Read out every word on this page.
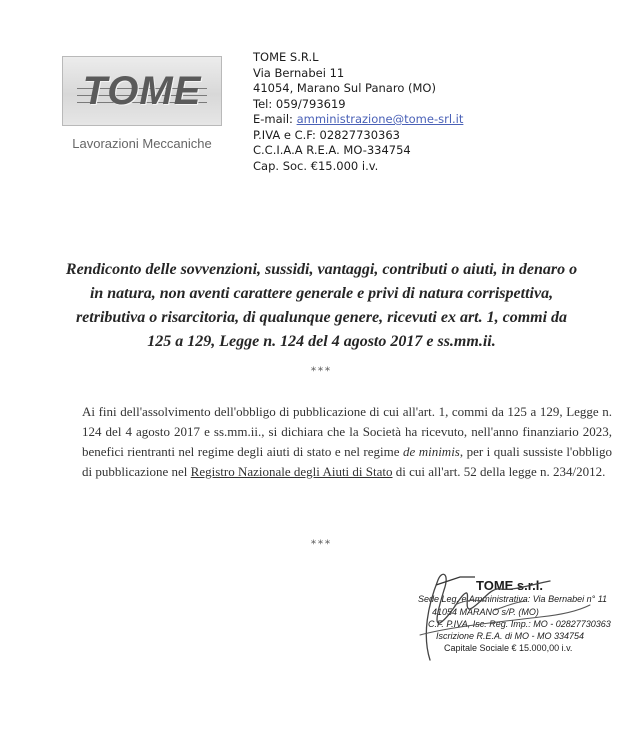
TOME
Lavorazioni Meccaniche
TOME S.R.L
Via Bernabei 11
41054, Marano Sul Panaro (MO)
Tel: 059/793619
E-mail: amministrazione@tome-srl.it
P.IVA e C.F: 02827730363
C.C.I.A.A R.E.A. MO-334754
Cap. Soc. €15.000 i.v.
Rendiconto delle sovvenzioni, sussidi, vantaggi, contributi o aiuti, in denaro o in natura, non aventi carattere generale e privi di natura corrispettiva, retributiva o risarcitoria, di qualunque genere, ricevuti ex art. 1, commi da 125 a 129, Legge n. 124 del 4 agosto 2017 e ss.mm.ii.
***
Ai fini dell'assolvimento dell'obbligo di pubblicazione di cui all'art. 1, commi da 125 a 129, Legge n. 124 del 4 agosto 2017 e ss.mm.ii., si dichiara che la Società ha ricevuto, nell'anno finanziario 2023, benefici rientranti nel regime degli aiuti di stato e nel regime de minimis, per i quali sussiste l'obbligo di pubblicazione nel Registro Nazionale degli Aiuti di Stato di cui all'art. 52 della legge n. 234/2012.
***
TOME s.r.l.
Sede Leg. e Amministrativa: Via Bernabei n° 11
41054 MARANO s/P. (MO)
C.F. P.IVA, Isc. Reg. Imp.: MO - 02827730363
Iscrizione R.E.A. di MO - MO 334754
Capitale Sociale € 15.000,00 i.v.
